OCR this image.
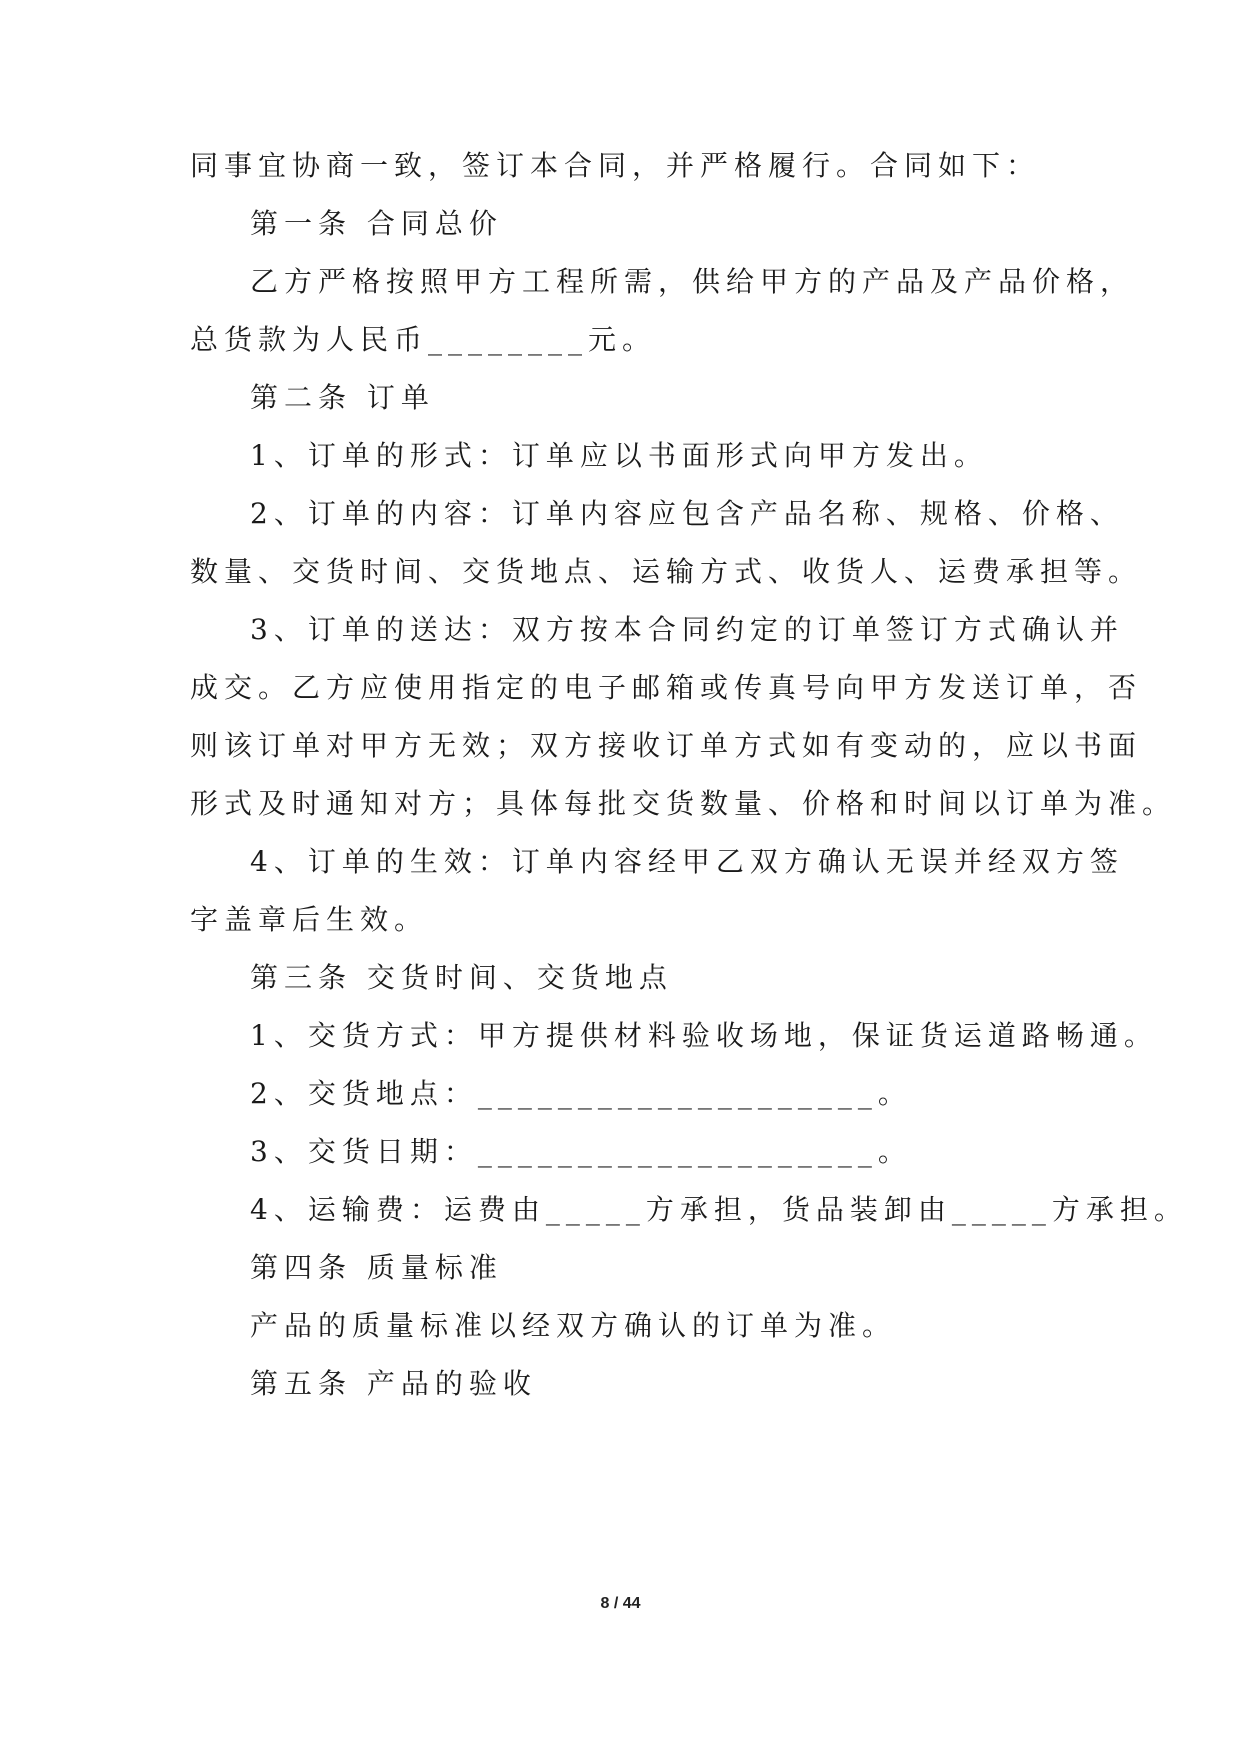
同事宜协商一致，签订本合同，并严格履行。合同如下：
第一条 合同总价
乙方严格按照甲方工程所需，供给甲方的产品及产品价格，
总货款为人民币________元。
第二条 订单
1、订单的形式：订单应以书面形式向甲方发出。
2、订单的内容：订单内容应包含产品名称、规格、价格、
数量、交货时间、交货地点、运输方式、收货人、运费承担等。
3、订单的送达：双方按本合同约定的订单签订方式确认并
成交。乙方应使用指定的电子邮箱或传真号向甲方发送订单，否
则该订单对甲方无效；双方接收订单方式如有变动的，应以书面
形式及时通知对方；具体每批交货数量、价格和时间以订单为准。
4、订单的生效：订单内容经甲乙双方确认无误并经双方签
字盖章后生效。
第三条 交货时间、交货地点
1、交货方式：甲方提供材料验收场地，保证货运道路畅通。
2、交货地点：____________________。
3、交货日期：____________________。
4、运输费：运费由_____方承担，货品装卸由_____方承担。
第四条 质量标准
产品的质量标准以经双方确认的订单为准。
第五条 产品的验收
8 / 44
